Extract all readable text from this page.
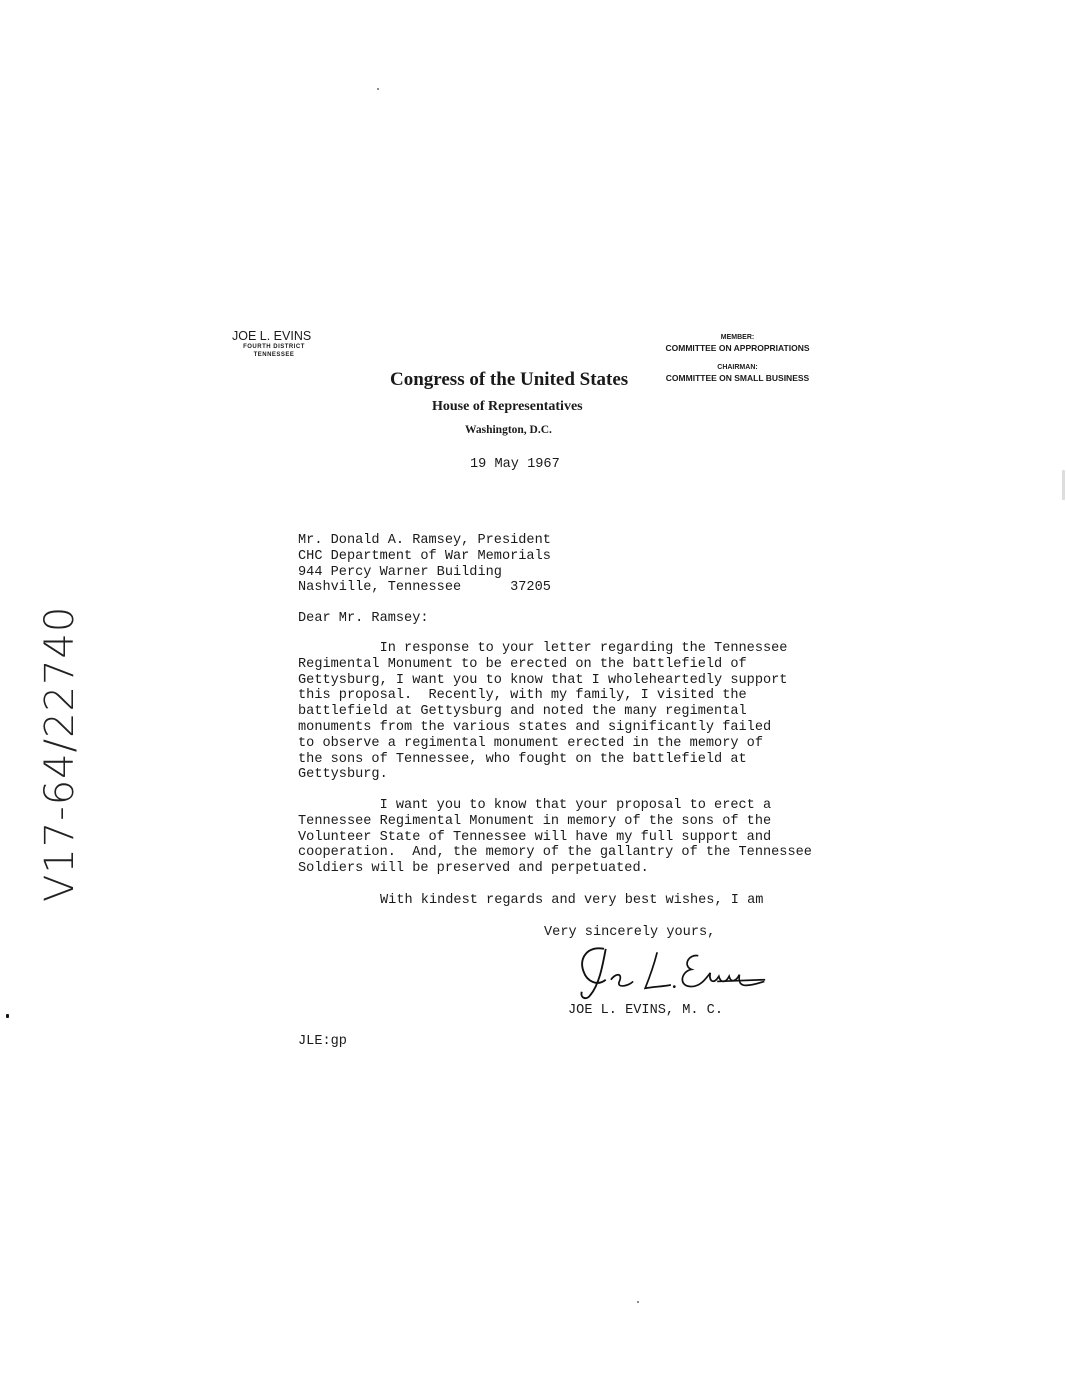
JOE L. EVINS
FOURTH DISTRICT
TENNESSEE
MEMBER:
COMMITTEE ON APPROPRIATIONS
CHAIRMAN:
COMMITTEE ON SMALL BUSINESS
Congress of the United States
House of Representatives
Washington, D.C.
19 May 1967
Mr. Donald A. Ramsey, President
CHC Department of War Memorials
944 Percy Warner Building
Nashville, Tennessee      37205
Dear Mr. Ramsey:
In response to your letter regarding the Tennessee
Regimental Monument to be erected on the battlefield of
Gettysburg, I want you to know that I wholeheartedly support
this proposal.  Recently, with my family, I visited the
battlefield at Gettysburg and noted the many regimental
monuments from the various states and significantly failed
to observe a regimental monument erected in the memory of
the sons of Tennessee, who fought on the battlefield at
Gettysburg.
I want you to know that your proposal to erect a
Tennessee Regimental Monument in memory of the sons of the
Volunteer State of Tennessee will have my full support and
cooperation.  And, the memory of the gallantry of the Tennessee
Soldiers will be preserved and perpetuated.
With kindest regards and very best wishes, I am
Very sincerely yours,
JOE L. EVINS, M. C.
JLE:gp
V17-64/22740
